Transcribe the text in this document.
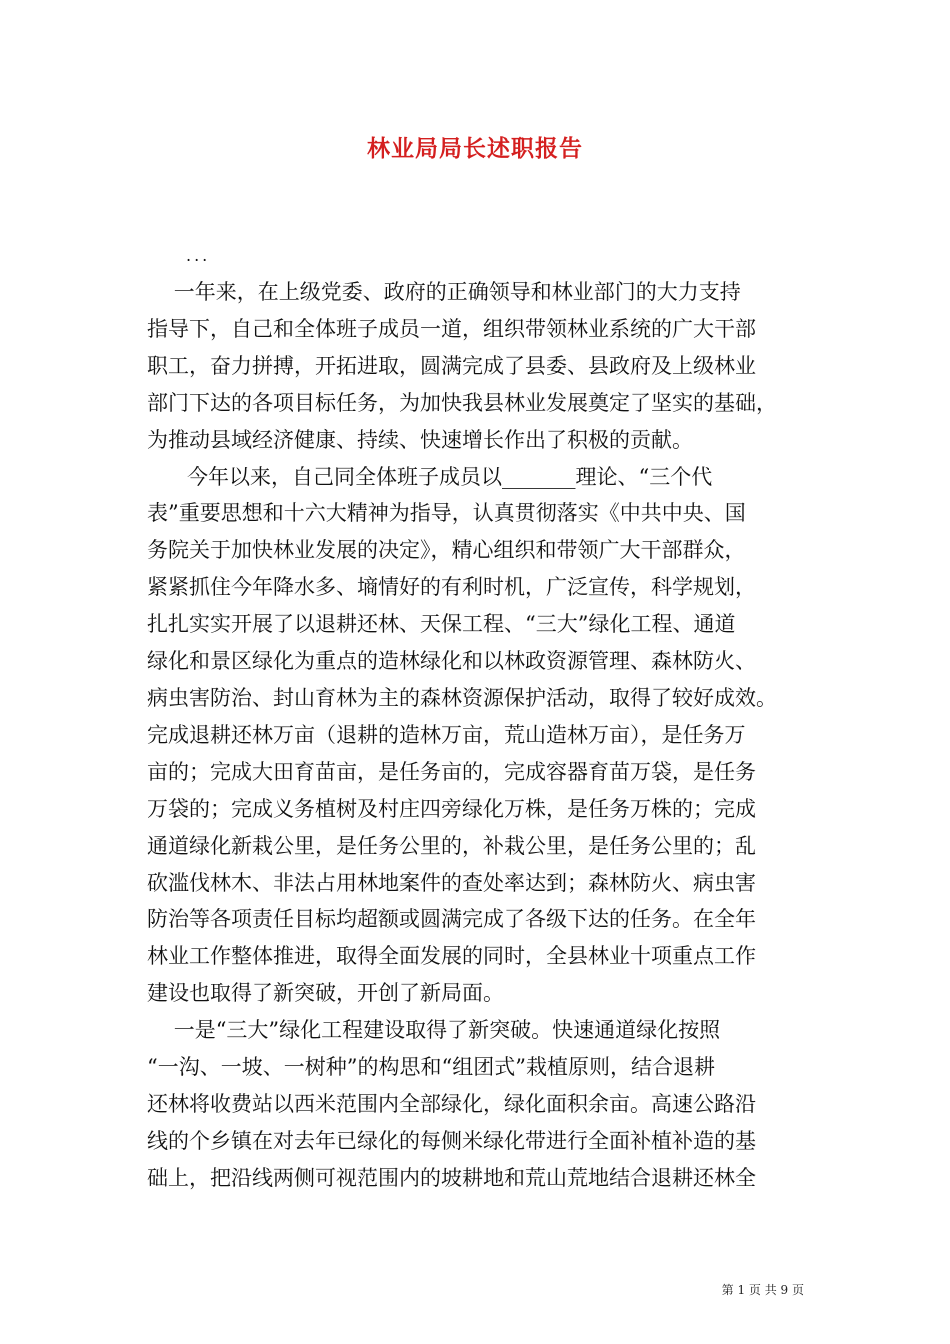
林业局局长述职报告
...

一年来，在上级党委、政府的正确领导和林业部门的大力支持
指导下，自己和全体班子成员一道，组织带领林业系统的广大干部
职工，奋力拼搏，开拓进取，圆满完成了县委、县政府及上级林业
部门下达的各项目标任务，为加快我县林业发展奠定了坚实的基础，
为推动县域经济健康、持续、快速增长作出了积极的贡献。

今年以来，自己同全体班子成员以_______理论、“三个代
表”重要思想和十六大精神为指导，认真贯彻落实《中共中央、国
务院关于加快林业发展的决定》，精心组织和带领广大干部群众，
紧紧抓住今年降水多、墒情好的有利时机，广泛宣传，科学规划，
扎扎实实开展了以退耕还林、天保工程、“三大”绿化工程、通道
绿化和景区绿化为重点的造林绿化和以林政资源管理、森林防火、
病虫害防治、封山育林为主的森林资源保护活动，取得了较好成效。
完成退耕还林万亩（退耕的造林万亩，荒山造林万亩），是任务万
亩的；完成大田育苗亩，是任务亩的，完成容器育苗万袋，是任务
万袋的；完成义务植树及村庄四旁绿化万株，是任务万株的；完成
通道绿化新栽公里，是任务公里的，补栽公里，是任务公里的；乱
砍滥伐林木、非法占用林地案件的查处率达到；森林防火、病虫害
防治等各项责任目标均超额或圆满完成了各级下达的任务。在全年
林业工作整体推进，取得全面发展的同时，全县林业十项重点工作
建设也取得了新突破，开创了新局面。

一是“三大”绿化工程建设取得了新突破。快速通道绿化按照
“一沟、一坡、一树种”的构思和“组团式”栽植原则，结合退耕
还林将收费站以西米范围内全部绿化，绿化面积余亩。高速公路沿
线的个乡镇在对去年已绿化的每侧米绿化带进行全面补植补造的基
础上，把沿线两侧可视范围内的坡耕地和荒山荒地结合退耕还林全

第 1 页 共 9 页
